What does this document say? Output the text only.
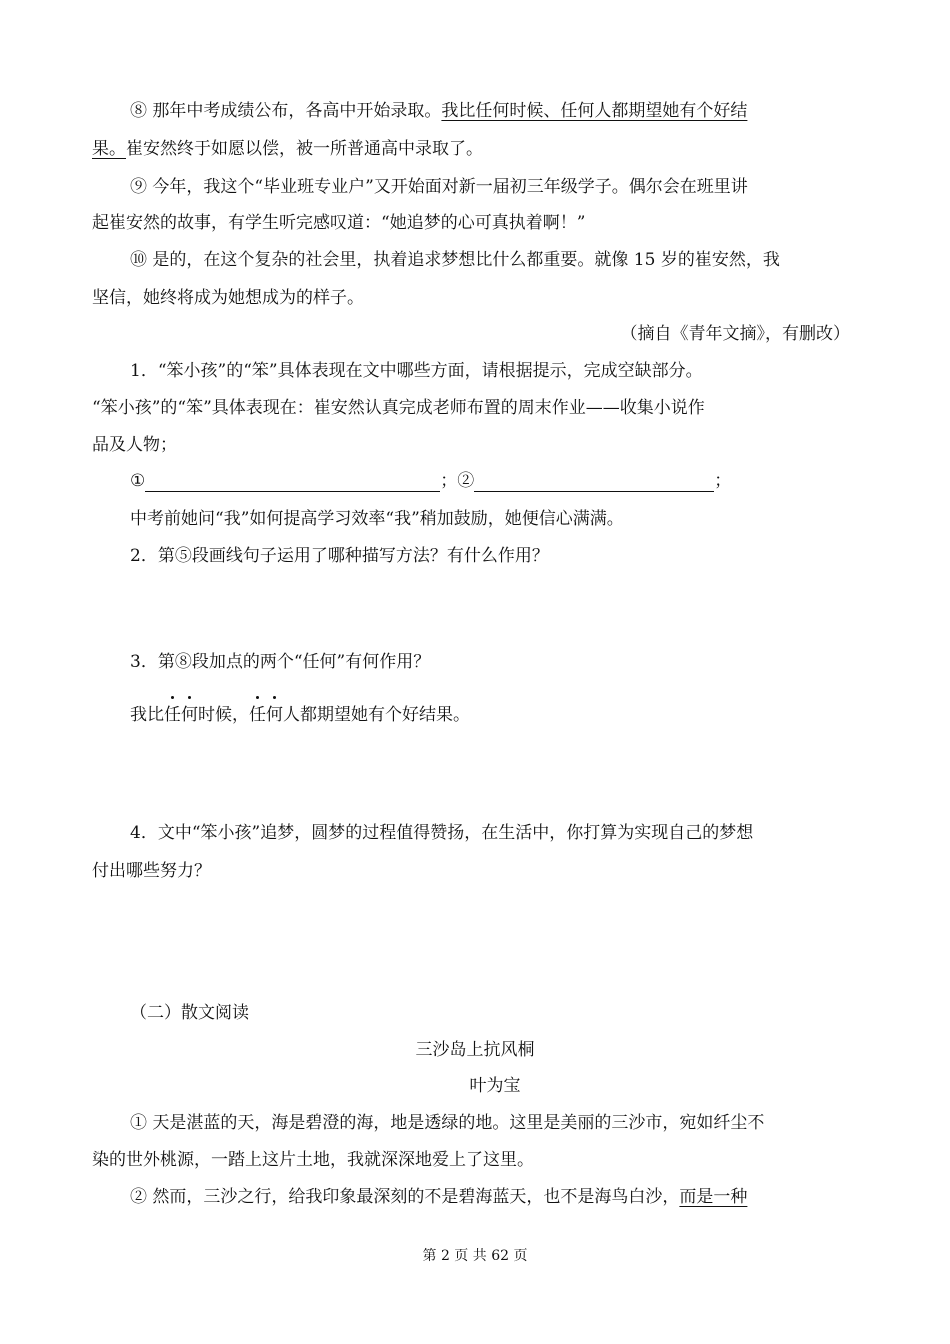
⑧ 那年中考成绩公布，各高中开始录取。我比任何时候、任何人都期望她有个好结
果。崔安然终于如愿以偿，被一所普通高中录取了。
⑨ 今年，我这个“毕业班专业户”又开始面对新一届初三年级学子。偶尔会在班里讲
起崔安然的故事，有学生听完感叹道：“她追梦的心可真执着啊！”
⑩ 是的，在这个复杂的社会里，执着追求梦想比什么都重要。就像 15 岁的崔安然，我
坚信，她终将成为她想成为的样子。
（摘自《青年文摘》，有删改）
1．“笨小孩”的“笨”具体表现在文中哪些方面，请根据提示，完成空缺部分。
“笨小孩”的“笨”具体表现在：崔安然认真完成老师布置的周末作业——收集小说作
品及人物；
①	；②	；
中考前她问“我”如何提高学习效率“我”稍加鼓励，她便信心满满。
2．第⑤段画线句子运用了哪种描写方法？有什么作用？
3．第⑧段加点的两个“任何”有何作用？
我比任何时候，任何人都期望她有个好结果。
4．文中“笨小孩”追梦，圆梦的过程值得赞扬，在生活中，你打算为实现自己的梦想
付出哪些努力？
（二）散文阅读
三沙岛上抗风桐
叶为宝
① 天是湛蓝的天，海是碧澄的海，地是透绿的地。这里是美丽的三沙市，宛如纤尘不
染的世外桃源，一踏上这片土地，我就深深地爱上了这里。
② 然而，三沙之行，给我印象最深刻的不是碧海蓝天，也不是海鸟白沙，而是一种
第 2 页 共 62 页
